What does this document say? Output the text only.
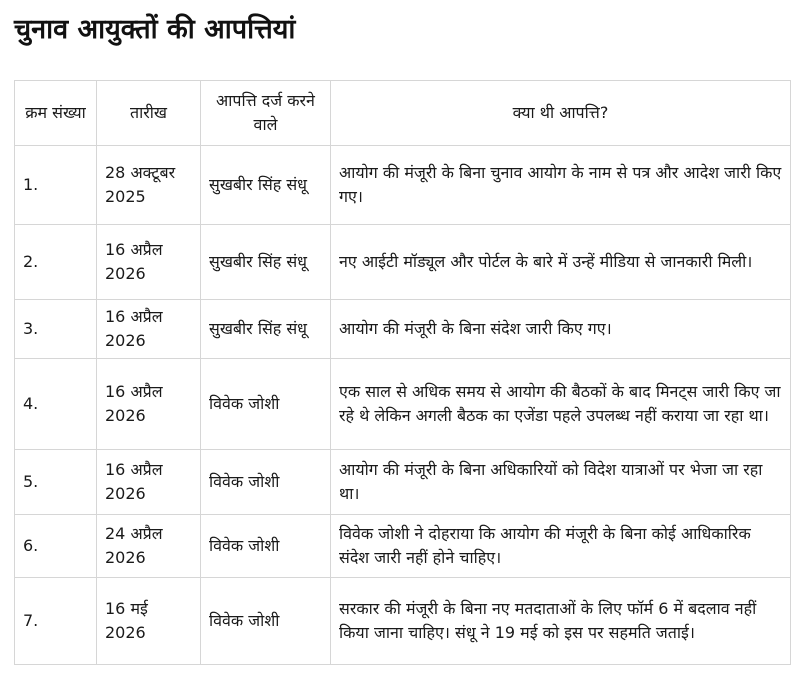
चुनाव आयुक्तों की आपत्तियां
क्रम संख्या	तारीख	आपत्ति दर्ज करने वाले	क्या थी आपत्ति?
1.	28 अक्टूबर 2025	सुखबीर सिंह संधू	आयोग की मंजूरी के बिना चुनाव आयोग के नाम से पत्र और आदेश जारी किए गए।
2.	16 अप्रैल 2026	सुखबीर सिंह संधू	नए आईटी मॉड्यूल और पोर्टल के बारे में उन्हें मीडिया से जानकारी मिली।
3.	16 अप्रैल 2026	सुखबीर सिंह संधू	आयोग की मंजूरी के बिना संदेश जारी किए गए।
4.	16 अप्रैल 2026	विवेक जोशी	एक साल से अधिक समय से आयोग की बैठकों के बाद मिनट्स जारी किए जा रहे थे लेकिन अगली बैठक का एजेंडा पहले उपलब्ध नहीं कराया जा रहा था।
5.	16 अप्रैल 2026	विवेक जोशी	आयोग की मंजूरी के बिना अधिकारियों को विदेश यात्राओं पर भेजा जा रहा था।
6.	24 अप्रैल 2026	विवेक जोशी	विवेक जोशी ने दोहराया कि आयोग की मंजूरी के बिना कोई आधिकारिक संदेश जारी नहीं होने चाहिए।
7.	16 मई 2026	विवेक जोशी	सरकार की मंजूरी के बिना नए मतदाताओं के लिए फॉर्म 6 में बदलाव नहीं किया जाना चाहिए। संधू ने 19 मई को इस पर सहमति जताई।
